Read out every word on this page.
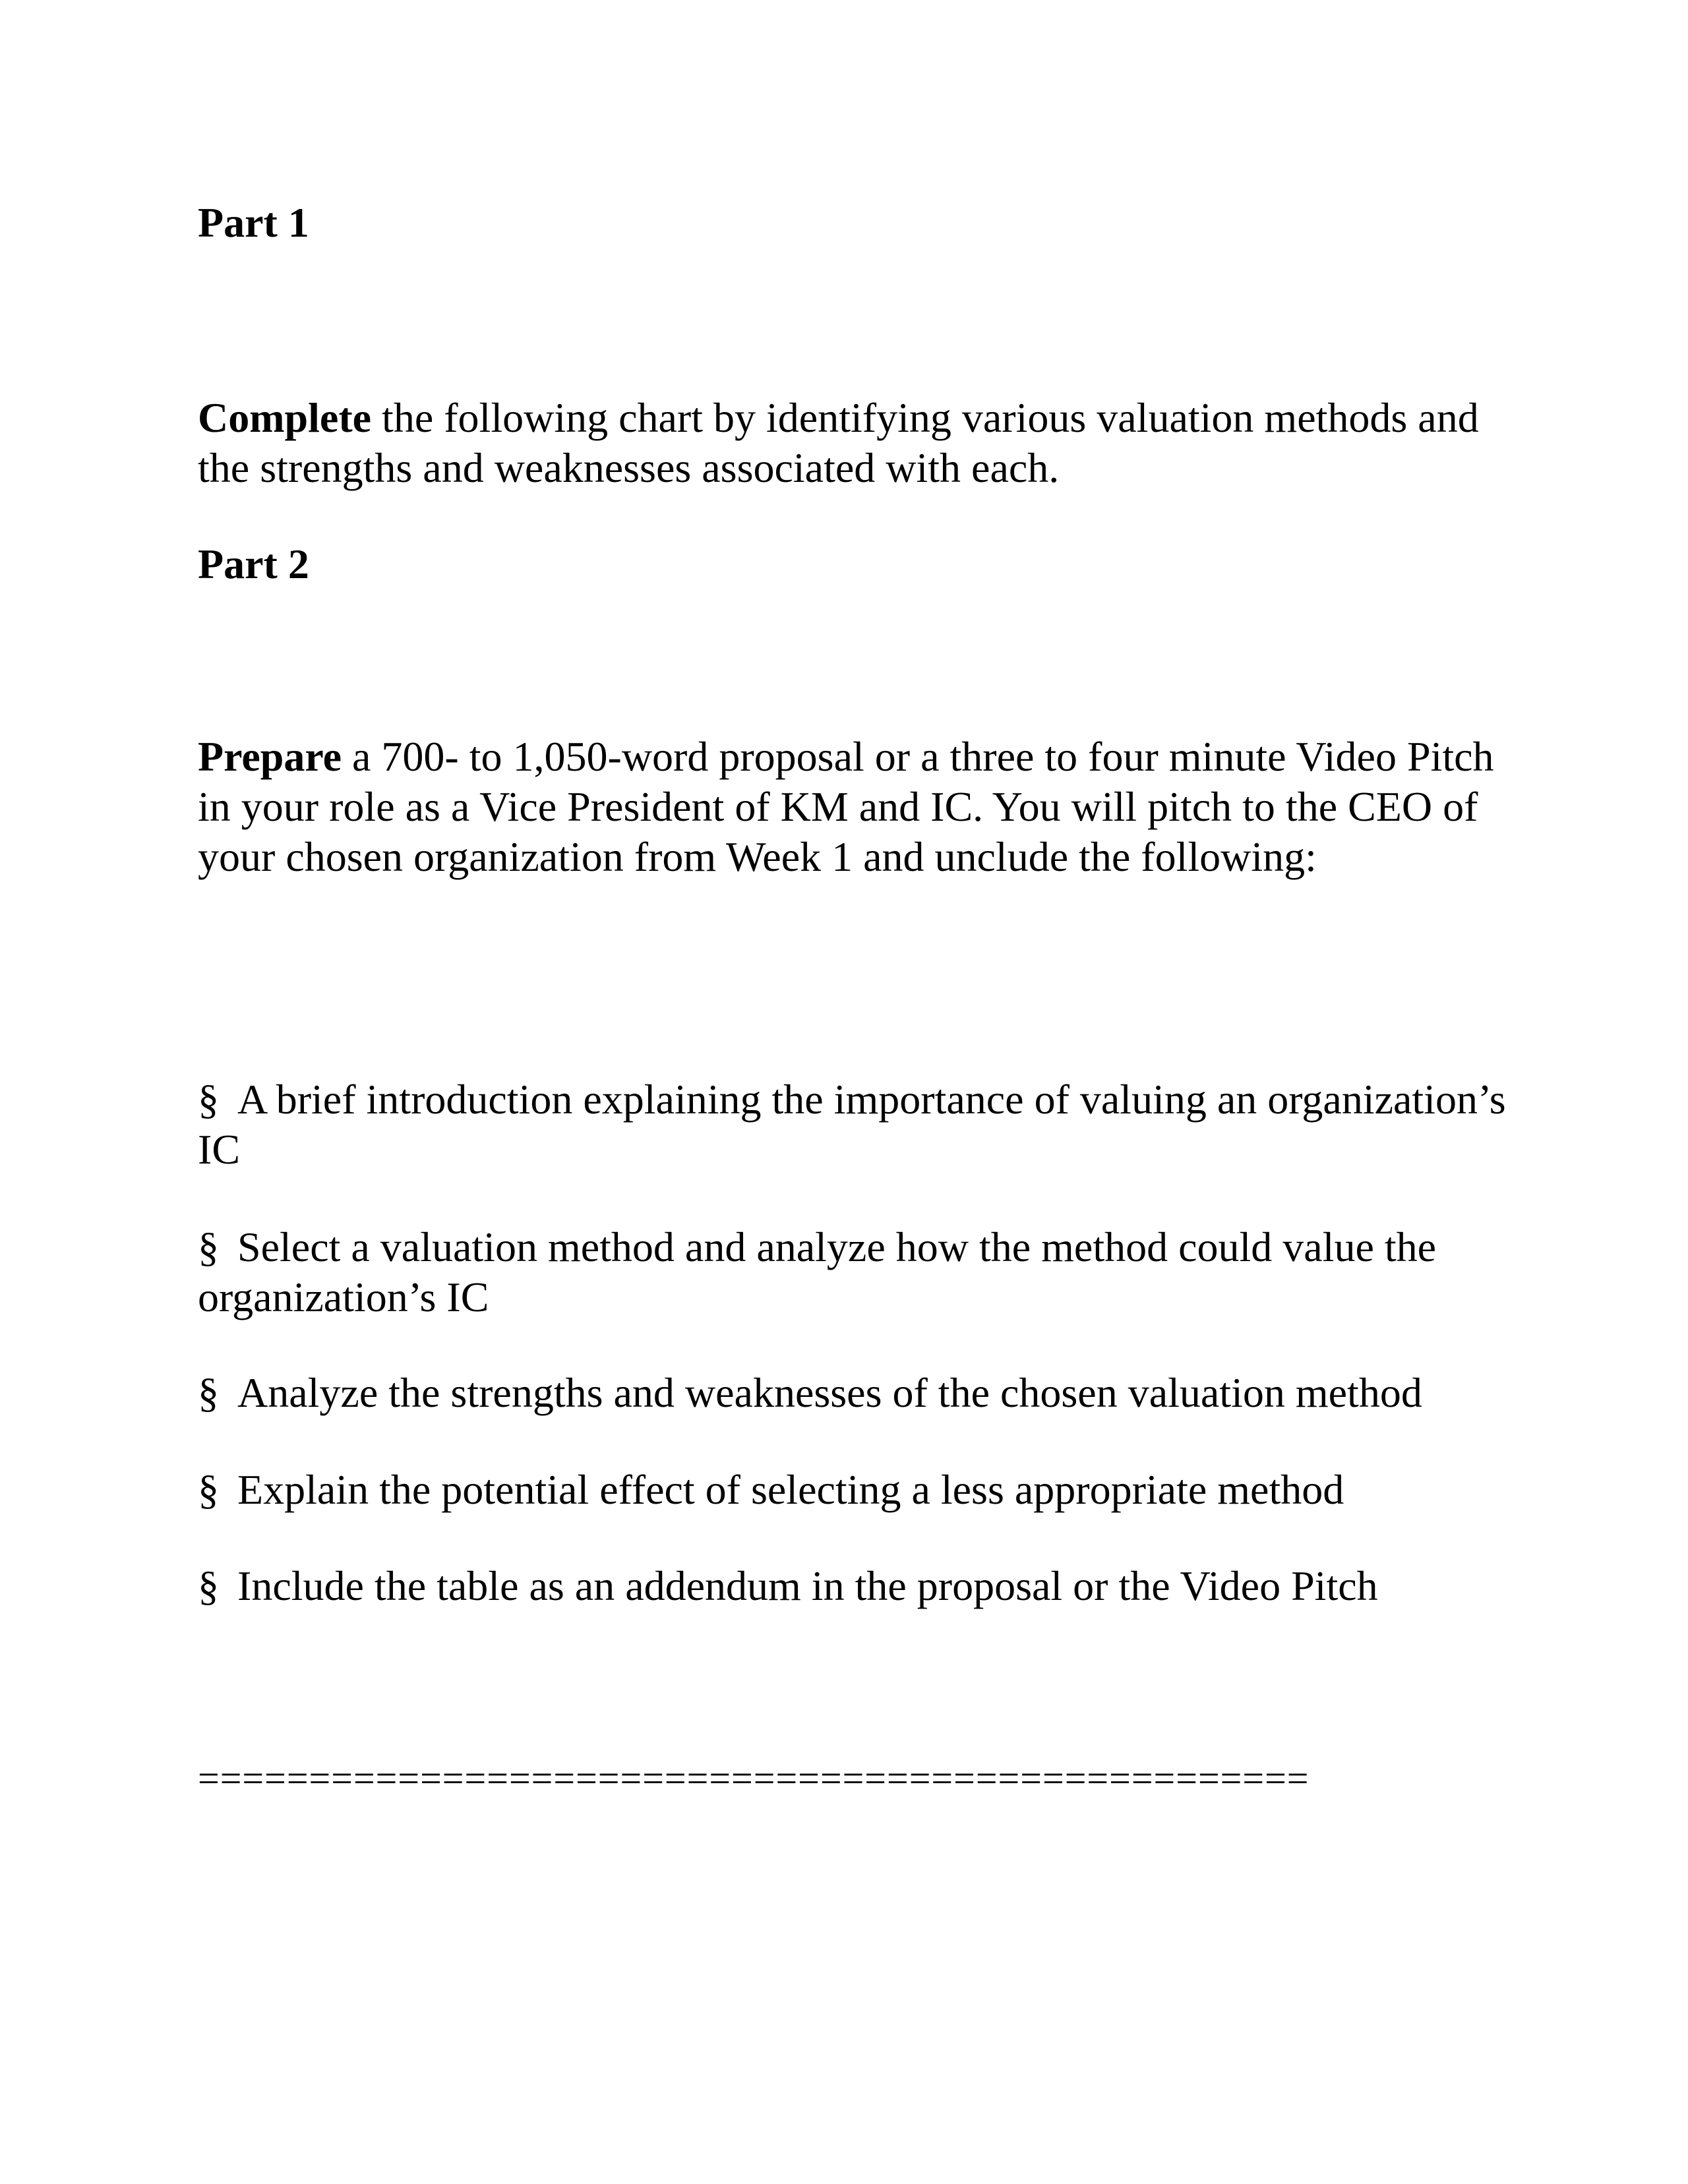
Part 1
Complete the following chart by identifying various valuation methods and the strengths and weaknesses associated with each.
Part 2
Prepare a 700- to 1,050-word proposal or a three to four minute Video Pitch in your role as a Vice President of KM and IC. You will pitch to the CEO of your chosen organization from Week 1 and unclude the following:
§ A brief introduction explaining the importance of valuing an organization’s IC
§ Select a valuation method and analyze how the method could value the organization’s IC
§ Analyze the strengths and weaknesses of the chosen valuation method
§ Explain the potential effect of selecting a less appropriate method
§ Include the table as an addendum in the proposal or the Video Pitch
==================================================
